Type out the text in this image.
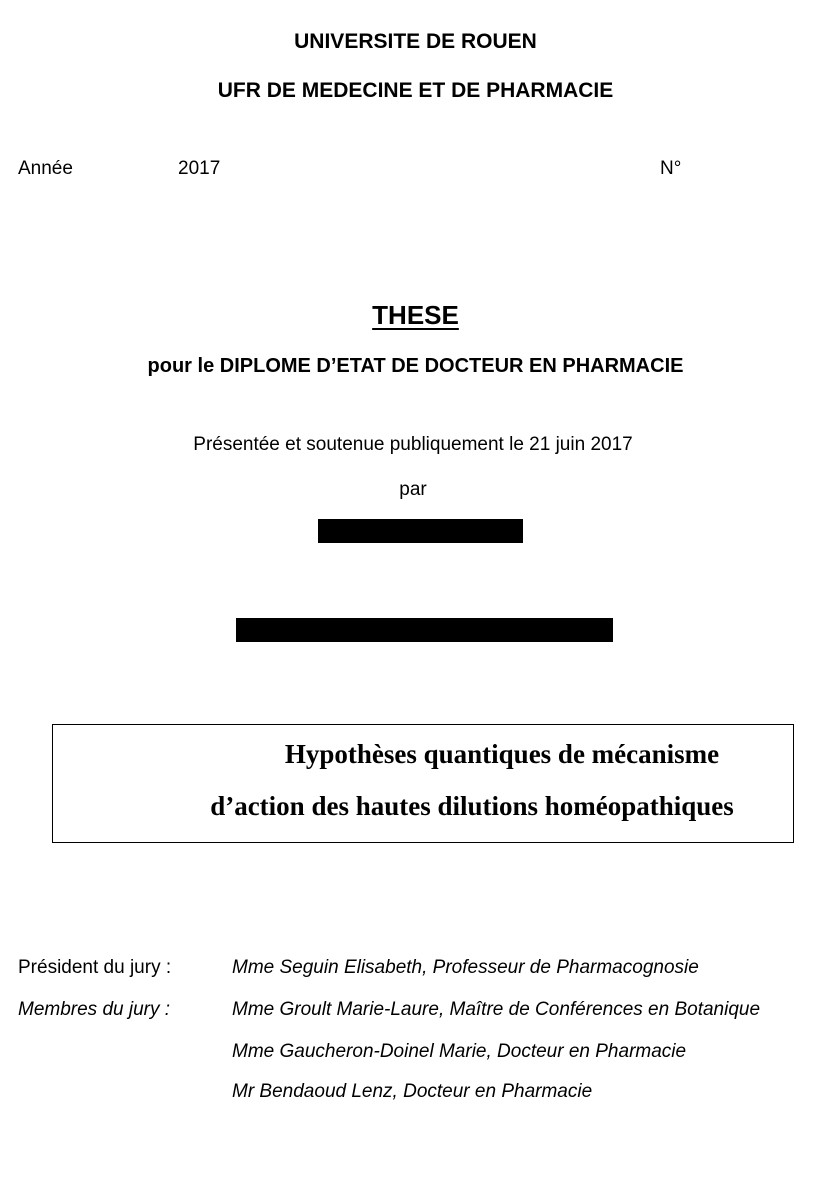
UNIVERSITE DE ROUEN
UFR DE MEDECINE ET DE PHARMACIE
Année	2017	N°
THESE
pour le DIPLOME D’ETAT DE DOCTEUR EN PHARMACIE
Présentée et soutenue publiquement le 21 juin 2017
par
Hypothèses quantiques de mécanisme
d’action des hautes dilutions homéopathiques
Président du jury :	Mme Seguin Elisabeth, Professeur de Pharmacognosie
Membres du jury :	Mme Groult Marie-Laure, Maître de Conférences en Botanique
Mme Gaucheron-Doinel Marie, Docteur en Pharmacie
Mr Bendaoud Lenz, Docteur en Pharmacie
